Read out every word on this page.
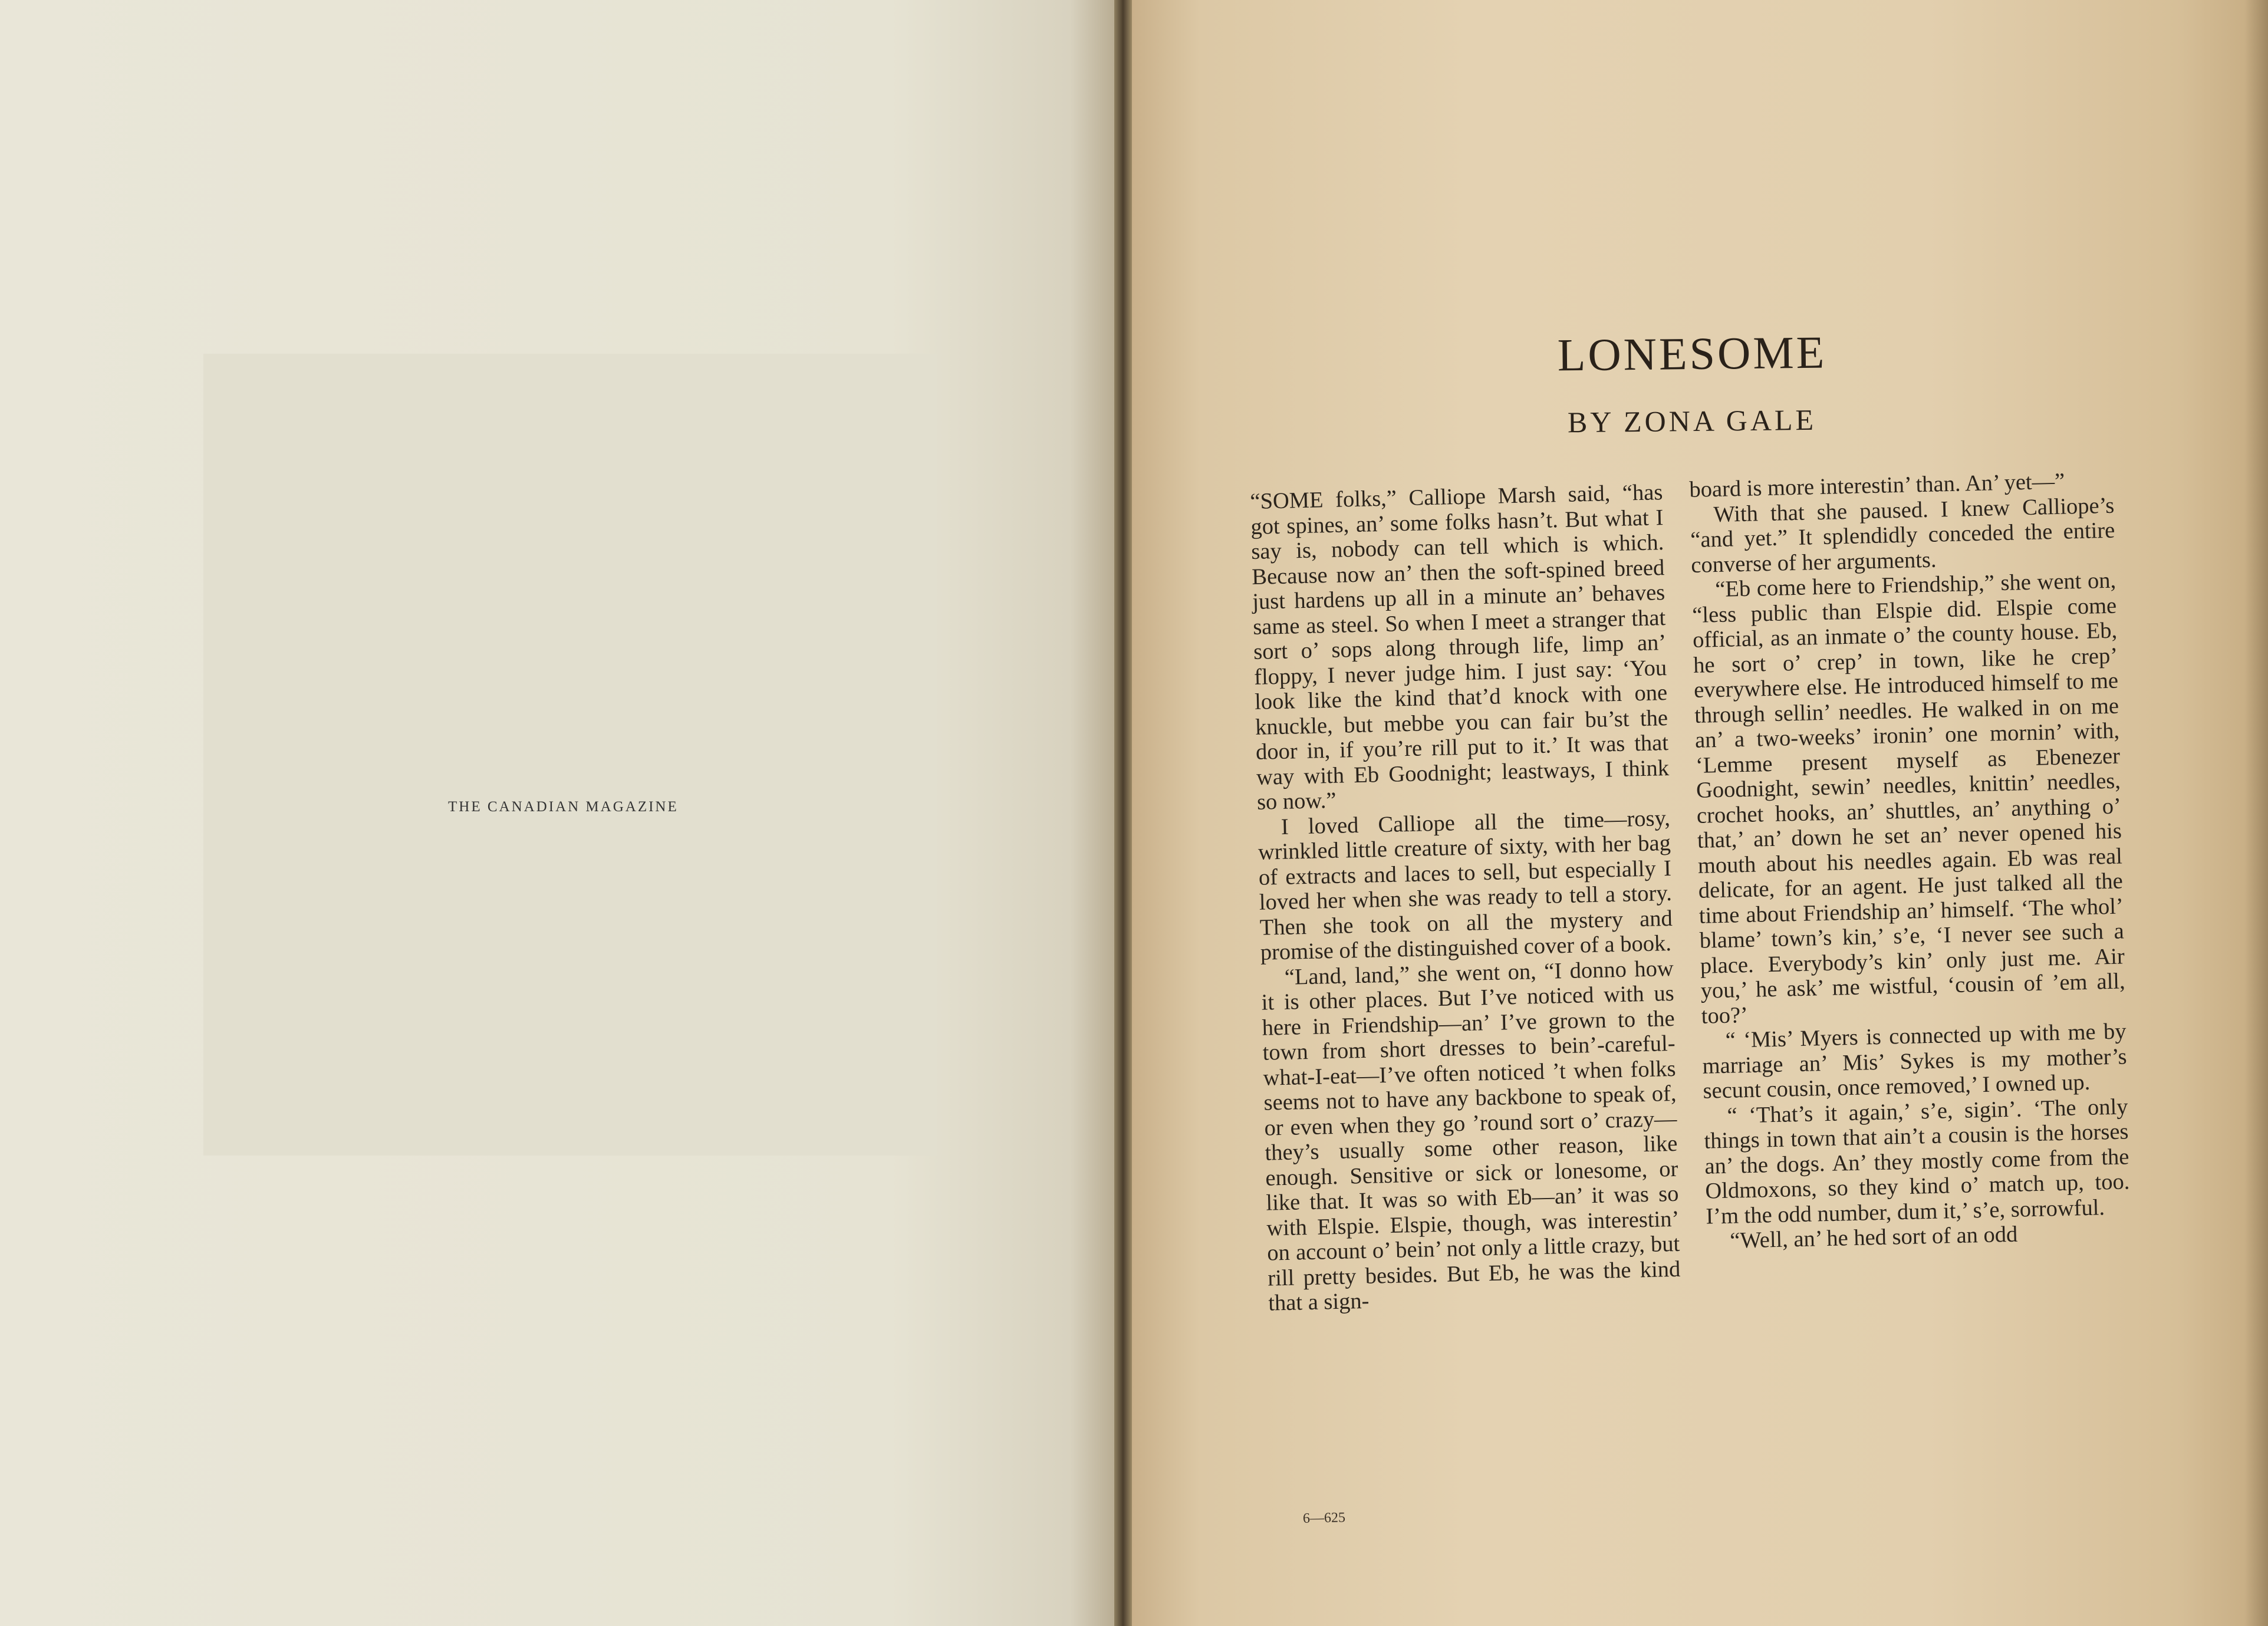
THE CANADIAN MAGAZINE
LONESOME
BY ZONA GALE

“SOME folks,” Calliope Marsh said, “has got spines, an’ some folks hasn’t. But what I say is, nobody can tell which is which. Because now an’ then the soft-spined breed just hardens up all in a minute an’ behaves same as steel. So when I meet a stranger that sort o’ sops along through life, limp an’ floppy, I never judge him. I just say: ‘You look like the kind that’d knock with one knuckle, but mebbe you can fair bu’st the door in, if you’re rill put to it.’ It was that way with Eb Goodnight; leastways, I think so now.”

I loved Calliope all the time—rosy, wrinkled little creature of sixty, with her bag of extracts and laces to sell, but especially I loved her when she was ready to tell a story. Then she took on all the mystery and promise of the distinguished cover of a book.

“Land, land,” she went on, “I donno how it is other places. But I’ve noticed with us here in Friendship—an’ I’ve grown to the town from short dresses to bein’-careful-what-I-eat—I’ve often noticed ’t when folks seems not to have any backbone to speak of, or even when they go ’round sort o’ crazy—they’s usually some other reason, like enough. Sensitive or sick or lonesome, or like that. It was so with Eb—an’ it was so with Elspie. Elspie, though, was interestin’ on account o’ bein’ not only a little crazy, but rill pretty besides. But Eb, he was the kind that a sign-

board is more interestin’ than. An’ yet—”

With that she paused. I knew Calliope’s “and yet.” It splendidly conceded the entire converse of her arguments.

“Eb come here to Friendship,” she went on, “less public than Elspie did. Elspie come official, as an inmate o’ the county house. Eb, he sort o’ crep’ in town, like he crep’ everywhere else. He introduced himself to me through sellin’ needles. He walked in on me an’ a two-weeks’ ironin’ one mornin’ with, ‘Lemme present myself as Ebenezer Goodnight, sewin’ needles, knittin’ needles, crochet hooks, an’ shuttles, an’ anything o’ that,’ an’ down he set an’ never opened his mouth about his needles again. Eb was real delicate, for an agent. He just talked all the time about Friendship an’ himself. ‘The whol’ blame’ town’s kin,’ s’e, ‘I never see such a place. Everybody’s kin’ only just me. Air you,’ he ask’ me wistful, ‘cousin of ’em all, too?’

“ ‘Mis’ Myers is connected up with me by marriage an’ Mis’ Sykes is my mother’s secunt cousin, once removed,’ I owned up.

“ ‘That’s it again,’ s’e, sigin’. ‘The only things in town that ain’t a cousin is the horses an’ the dogs. An’ they mostly come from the Oldmoxons, so they kind o’ match up, too. I’m the odd number, dum it,’ s’e, sorrowful.

“Well, an’ he hed sort of an odd

6—625
